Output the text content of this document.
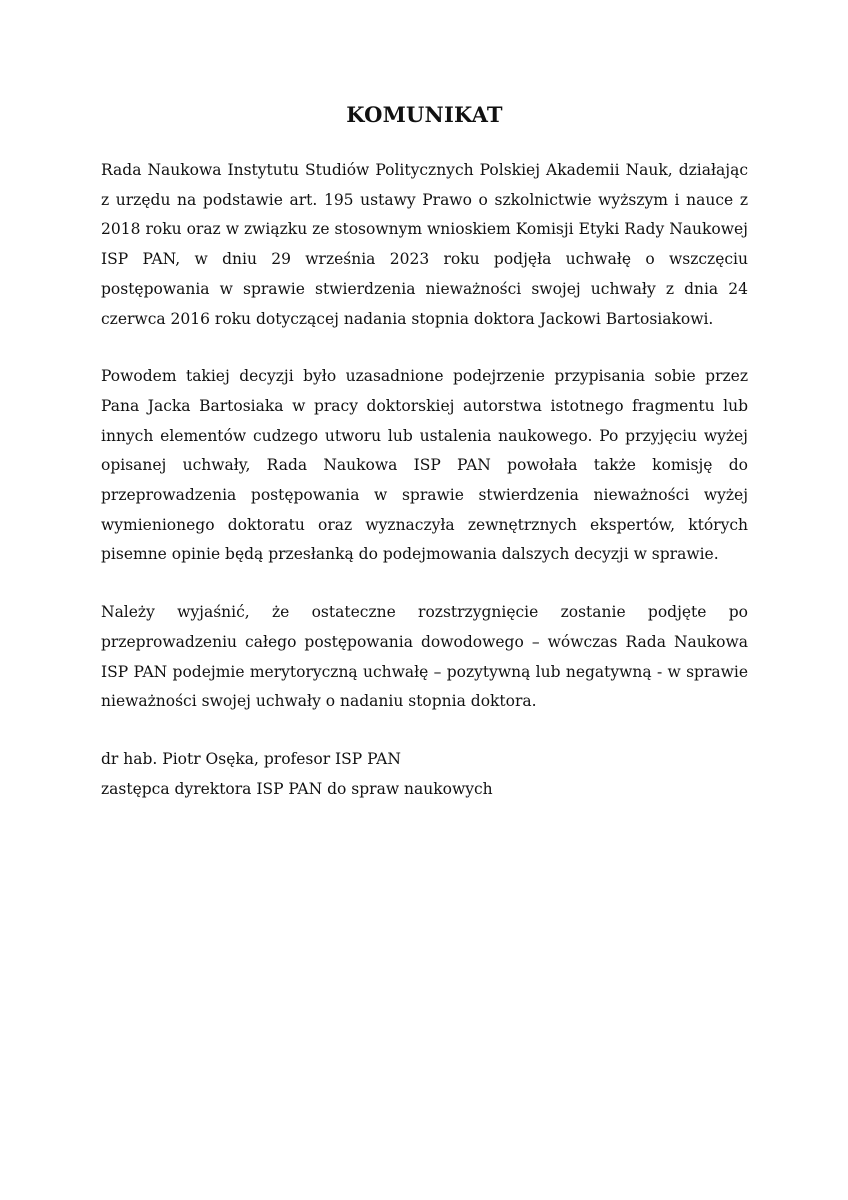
KOMUNIKAT

Rada Naukowa Instytutu Studiów Politycznych Polskiej Akademii Nauk, działając z urzędu na podstawie art. 195 ustawy Prawo o szkolnictwie wyższym i nauce z 2018 roku oraz w związku ze stosownym wnioskiem Komisji Etyki Rady Naukowej ISP PAN, w dniu 29 września 2023 roku podjęła uchwałę o wszczęciu postępowania w sprawie stwierdzenia nieważności swojej uchwały z dnia 24 czerwca 2016 roku dotyczącej nadania stopnia doktora Jackowi Bartosiakowi.

Powodem takiej decyzji było uzasadnione podejrzenie przypisania sobie przez Pana Jacka Bartosiaka w pracy doktorskiej autorstwa istotnego fragmentu lub innych elementów cudzego utworu lub ustalenia naukowego. Po przyjęciu wyżej opisanej uchwały, Rada Naukowa ISP PAN powołała także komisję do przeprowadzenia postępowania w sprawie stwierdzenia nieważności wyżej wymienionego doktoratu oraz wyznaczyła zewnętrznych ekspertów, których pisemne opinie będą przesłanką do podejmowania dalszych decyzji w sprawie.

Należy wyjaśnić, że ostateczne rozstrzygnięcie zostanie podjęte po przeprowadzeniu całego postępowania dowodowego – wówczas Rada Naukowa ISP PAN podejmie merytoryczną uchwałę – pozytywną lub negatywną - w sprawie nieważności swojej uchwały o nadaniu stopnia doktora.

dr hab. Piotr Osęka, profesor ISP PAN
zastępca dyrektora ISP PAN do spraw naukowych
